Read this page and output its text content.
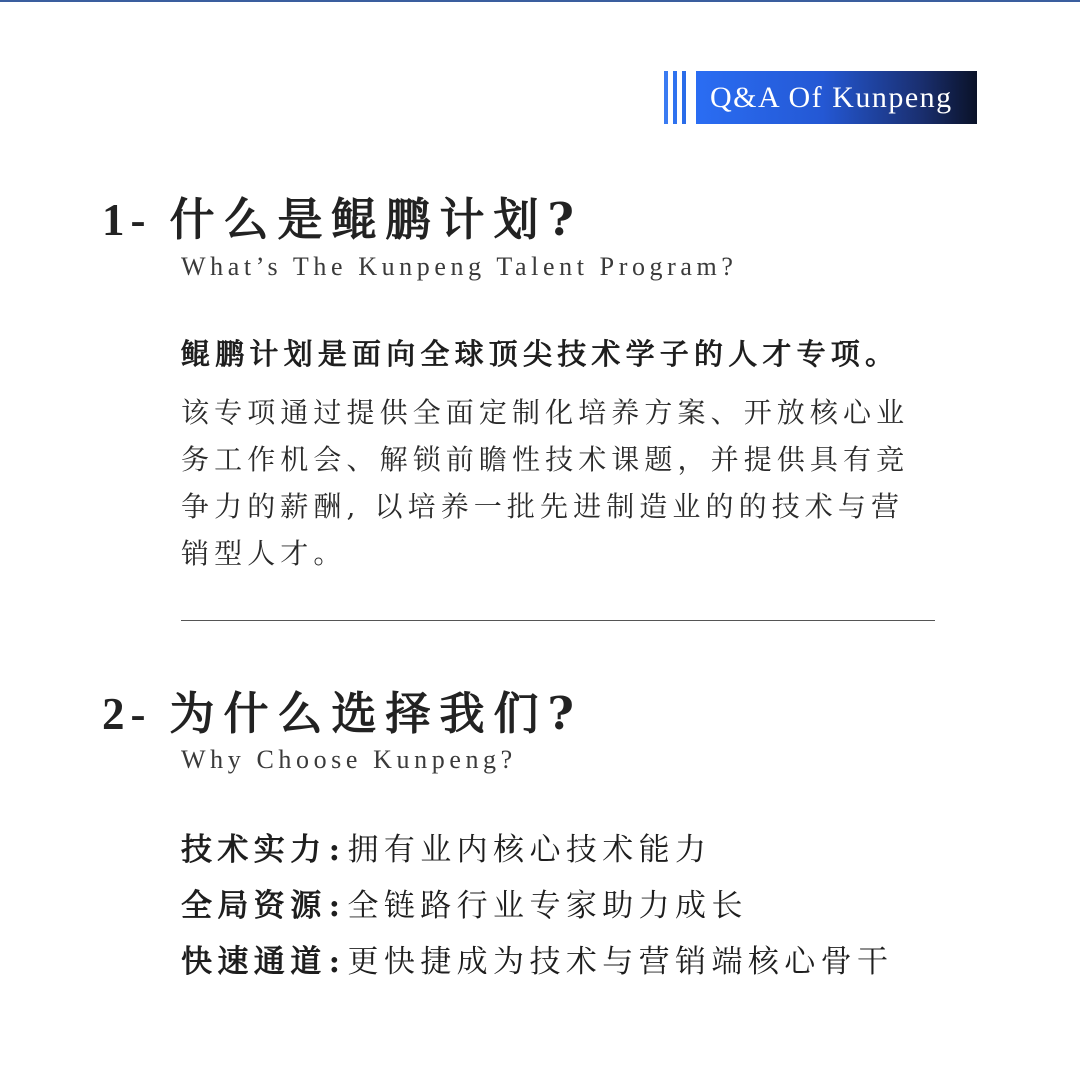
Q&A Of Kunpeng
1- 什么是鲲鹏计划?
What’s The Kunpeng Talent Program?
鲲鹏计划是面向全球顶尖技术学子的人才专项。
该专项通过提供全面定制化培养方案、开放核心业
务工作机会、解锁前瞻性技术课题，并提供具有竞
争力的薪酬, 以培养一批先进制造业的的技术与营
销型人才。
2- 为什么选择我们?
Why Choose Kunpeng?
技术实力:拥有业内核心技术能力
全局资源:全链路行业专家助力成长
快速通道:更快捷成为技术与营销端核心骨干
